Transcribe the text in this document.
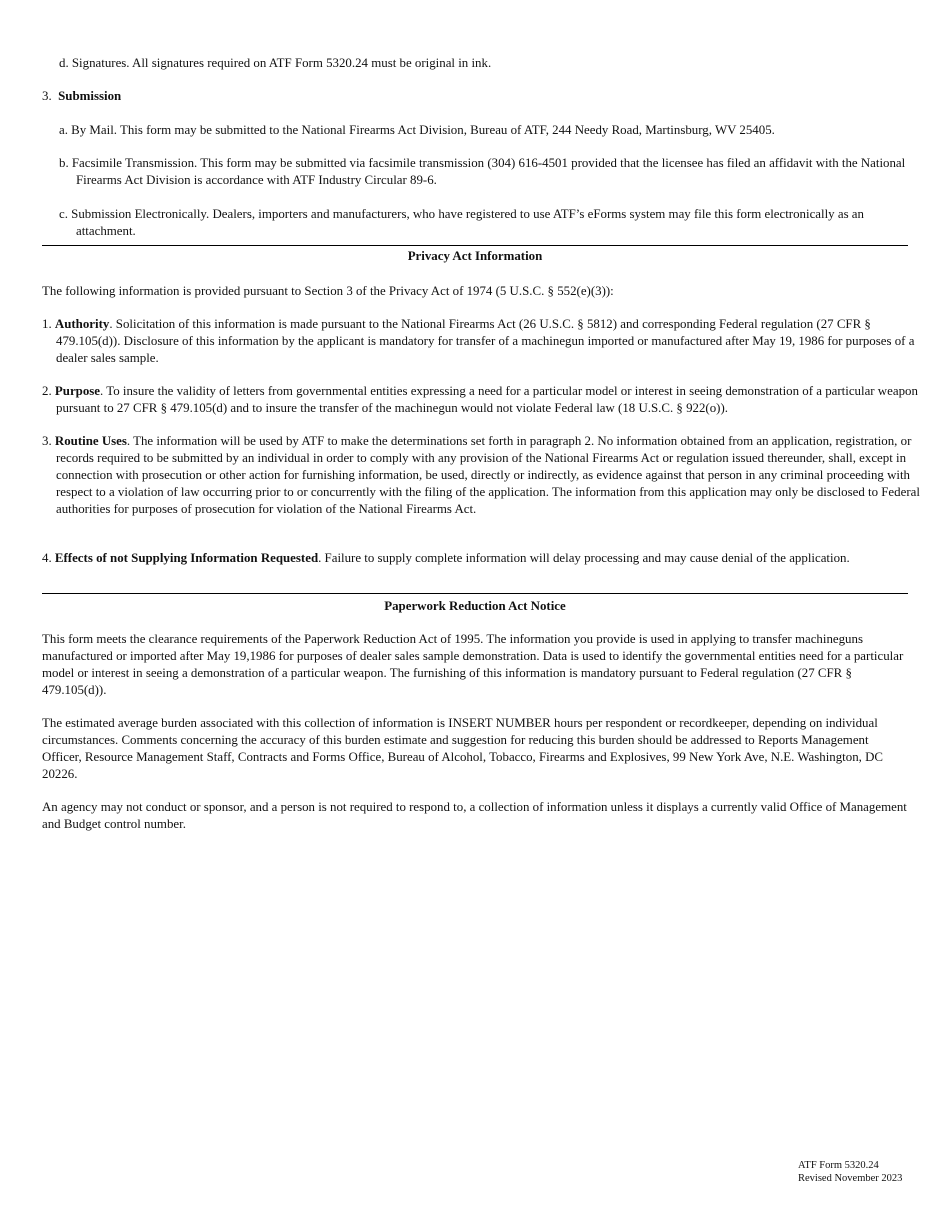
d. Signatures. All signatures required on ATF Form 5320.24 must be original in ink.

3. Submission

a. By Mail. This form may be submitted to the National Firearms Act Division, Bureau of ATF, 244 Needy Road, Martinsburg, WV 25405.

b. Facsimile Transmission. This form may be submitted via facsimile transmission (304) 616-4501 provided that the licensee has filed an affidavit with the National Firearms Act Division is accordance with ATF Industry Circular 89-6.

c. Submission Electronically. Dealers, importers and manufacturers, who have registered to use ATF’s eForms system may file this form electronically as an attachment.

Privacy Act Information

The following information is provided pursuant to Section 3 of the Privacy Act of 1974 (5 U.S.C. § 552(e)(3)):

1. Authority. Solicitation of this information is made pursuant to the National Firearms Act (26 U.S.C. § 5812) and corresponding Federal regulation (27 CFR § 479.105(d)). Disclosure of this information by the applicant is mandatory for transfer of a machinegun imported or manufactured after May 19, 1986 for purposes of a dealer sales sample.

2. Purpose. To insure the validity of letters from governmental entities expressing a need for a particular model or interest in seeing demonstration of a particular weapon pursuant to 27 CFR § 479.105(d) and to insure the transfer of the machinegun would not violate Federal law (18 U.S.C. § 922(o)).

3. Routine Uses. The information will be used by ATF to make the determinations set forth in paragraph 2. No information obtained from an application, registration, or records required to be submitted by an individual in order to comply with any provision of the National Firearms Act or regulation issued thereunder, shall, except in connection with prosecution or other action for furnishing information, be used, directly or indirectly, as evidence against that person in any criminal proceeding with respect to a violation of law occurring prior to or concurrently with the filing of the application. The information from this application may only be disclosed to Federal authorities for purposes of prosecution for violation of the National Firearms Act.

4. Effects of not Supplying Information Requested. Failure to supply complete information will delay processing and may cause denial of the application.

Paperwork Reduction Act Notice

This form meets the clearance requirements of the Paperwork Reduction Act of 1995. The information you provide is used in applying to transfer machineguns manufactured or imported after May 19,1986 for purposes of dealer sales sample demonstration. Data is used to identify the governmental entities need for a particular model or interest in seeing a demonstration of a particular weapon. The furnishing of this information is mandatory pursuant to Federal regulation (27 CFR § 479.105(d)).

The estimated average burden associated with this collection of information is INSERT NUMBER hours per respondent or recordkeeper, depending on individual circumstances. Comments concerning the accuracy of this burden estimate and suggestion for reducing this burden should be addressed to Reports Management Officer, Resource Management Staff, Contracts and Forms Office, Bureau of Alcohol, Tobacco, Firearms and Explosives, 99 New York Ave, N.E. Washington, DC 20226.

An agency may not conduct or sponsor, and a person is not required to respond to, a collection of information unless it displays a currently valid Office of Management and Budget control number.

ATF Form 5320.24
Revised November 2023
